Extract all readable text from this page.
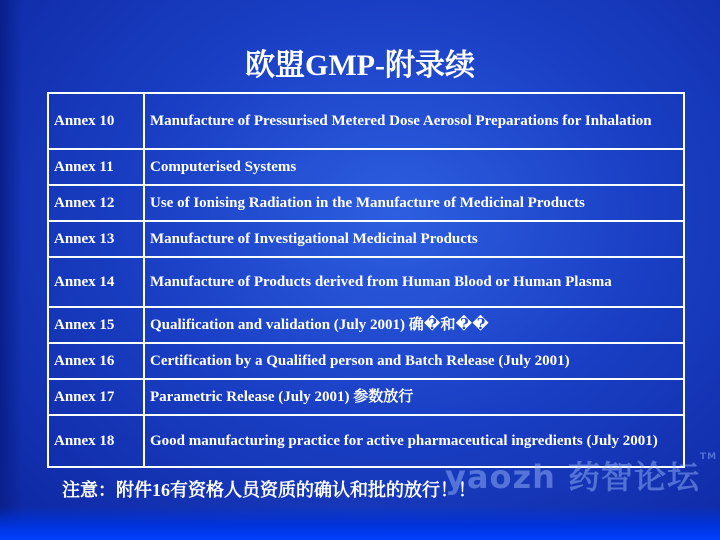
欧盟GMP-附录续
Annex 10	Manufacture of Pressurised Metered Dose Aerosol Preparations for Inhalation
Annex 11	Computerised Systems
Annex 12	Use of Ionising Radiation in the Manufacture of Medicinal Products
Annex 13	Manufacture of Investigational Medicinal Products
Annex 14	Manufacture of Products derived from Human Blood or Human Plasma
Annex 15	Qualification and validation (July 2001) 确�和��
Annex 16	Certification by a Qualified person and Batch Release (July 2001)
Annex 17	Parametric Release (July 2001) 参数放行
Annex 18	Good manufacturing practice for active pharmaceutical ingredients (July 2001)
yaozh 药智论坛™
注意：附件16有资格人员资质的确认和批的放行！！
